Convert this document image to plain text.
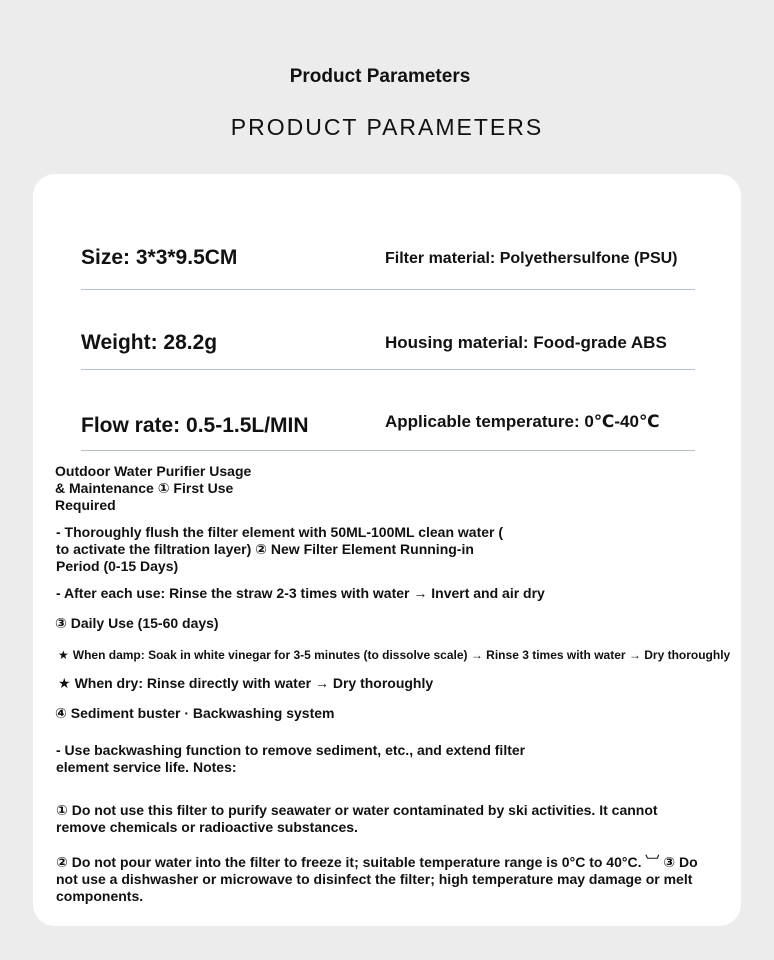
Product Parameters
PRODUCT PARAMETERS
Size: 3*3*9.5CM	Filter material: Polyethersulfone (PSU)
Weight: 28.2g	Housing material: Food-grade ABS
Flow rate: 0.5-1.5L/MIN	Applicable temperature: 0℃-40℃
Outdoor Water Purifier Usage
& Maintenance ① First Use
Required
- Thoroughly flush the filter element with 50ML-100ML clean water (
to activate the filtration layer) ② New Filter Element Running-in
Period (0-15 Days)
- After each use: Rinse the straw 2-3 times with water → Invert and air dry
③ Daily Use (15-60 days)
★ When damp: Soak in white vinegar for 3-5 minutes (to dissolve scale) → Rinse 3 times with water → Dry thoroughly
★ When dry: Rinse directly with water → Dry thoroughly
④ Sediment buster · Backwashing system
- Use backwashing function to remove sediment, etc., and extend filter
element service life. Notes:
① Do not use this filter to purify seawater or water contaminated by ski activities. It cannot
remove chemicals or radioactive substances.
② Do not pour water into the filter to freeze it; suitable temperature range is 0°C to 40°C. ︺ ③ Do
not use a dishwasher or microwave to disinfect the filter; high temperature may damage or melt
components.
